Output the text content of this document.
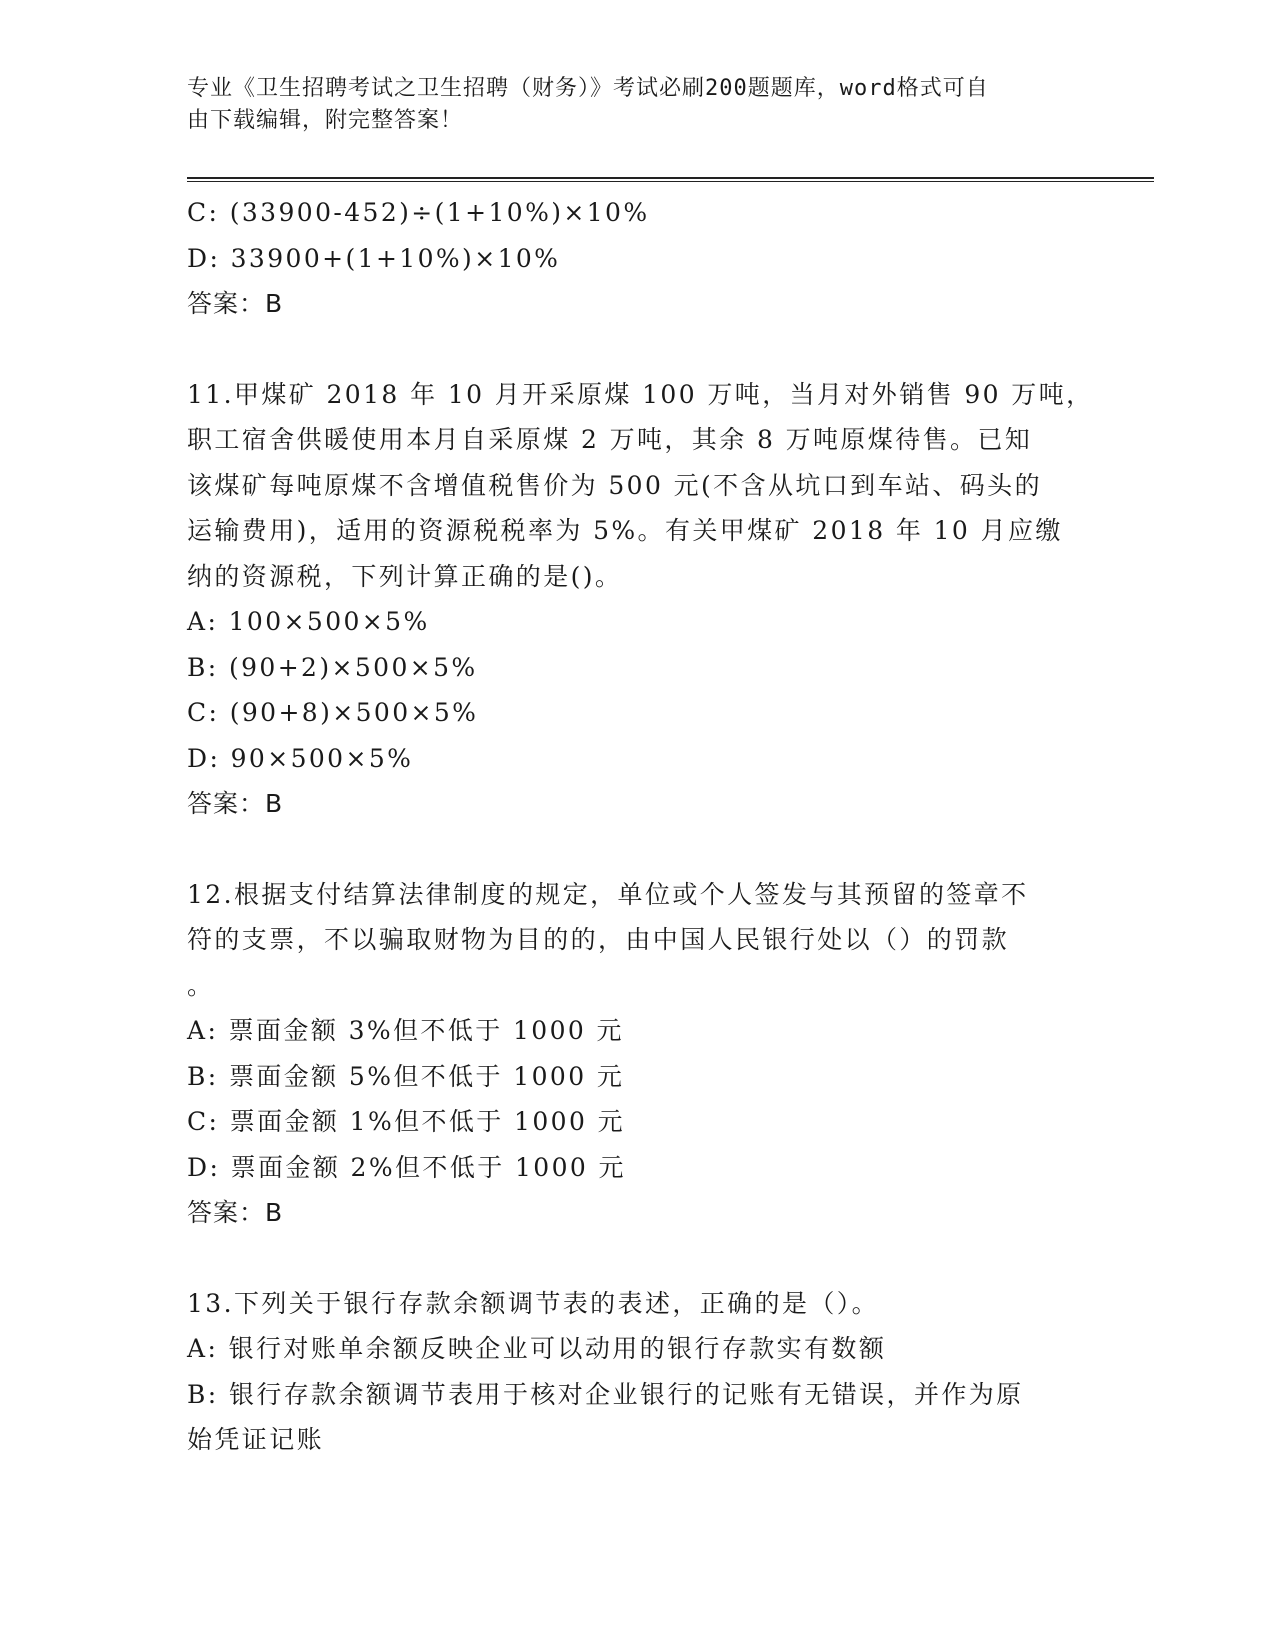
专业《卫生招聘考试之卫生招聘（财务）》考试必刷200题题库，word格式可自
由下载编辑，附完整答案！
C: (33900-452)÷(1+10%)×10%
D: 33900+(1+10%)×10%
答案：B
11.甲煤矿 2018 年 10 月开采原煤 100 万吨，当月对外销售 90 万吨，
职工宿舍供暖使用本月自采原煤 2 万吨，其余 8 万吨原煤待售。已知
该煤矿每吨原煤不含增值税售价为 500 元(不含从坑口到车站、码头的
运输费用)，适用的资源税税率为 5%。有关甲煤矿 2018 年 10 月应缴
纳的资源税，下列计算正确的是()。
A: 100×500×5%
B: (90+2)×500×5%
C: (90+8)×500×5%
D: 90×500×5%
答案：B
12.根据支付结算法律制度的规定，单位或个人签发与其预留的签章不
符的支票，不以骗取财物为目的的，由中国人民银行处以（）的罚款
。
A: 票面金额 3%但不低于 1000 元
B: 票面金额 5%但不低于 1000 元
C: 票面金额 1%但不低于 1000 元
D: 票面金额 2%但不低于 1000 元
答案：B
13.下列关于银行存款余额调节表的表述，正确的是（）。
A: 银行对账单余额反映企业可以动用的银行存款实有数额
B: 银行存款余额调节表用于核对企业银行的记账有无错误，并作为原
始凭证记账
